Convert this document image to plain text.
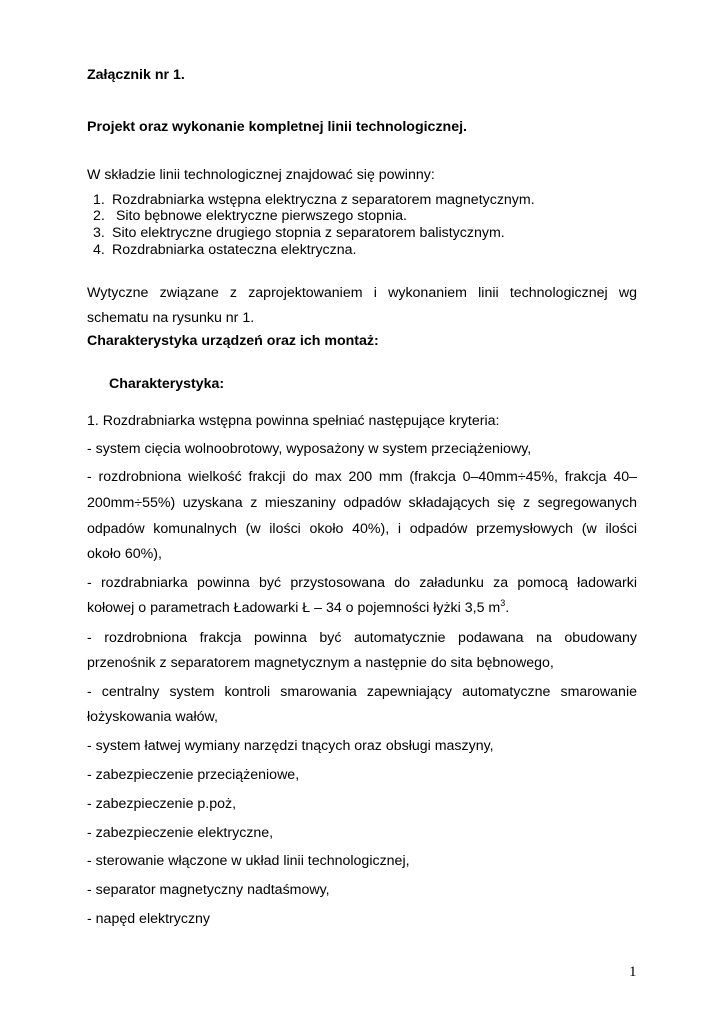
Załącznik nr 1.
Projekt oraz wykonanie kompletnej linii technologicznej.
W składzie linii technologicznej znajdować się powinny:
1. Rozdrabniarka wstępna elektryczna z separatorem magnetycznym.
2. Sito bębnowe elektryczne pierwszego stopnia.
3. Sito elektryczne drugiego stopnia z separatorem balistycznym.
4. Rozdrabniarka ostateczna elektryczna.
Wytyczne związane z zaprojektowaniem i wykonaniem linii technologicznej wg
schematu na rysunku nr 1.
Charakterystyka urządzeń oraz ich montaż:
Charakterystyka:
1. Rozdrabniarka wstępna powinna spełniać następujące kryteria:
- system cięcia wolnoobrotowy, wyposażony w system przeciążeniowy,
- rozdrobniona wielkość frakcji do max 200 mm (frakcja 0–40mm÷45%, frakcja 40–
200mm÷55%) uzyskana z mieszaniny odpadów składających się z segregowanych
odpadów komunalnych (w ilości około 40%), i odpadów przemysłowych (w ilości
około 60%),
- rozdrabniarka powinna być przystosowana do załadunku za pomocą ładowarki
kołowej o parametrach Ładowarki Ł – 34 o pojemności łyżki 3,5 $m^3$.
- rozdrobniona frakcja powinna być automatycznie podawana na obudowany
przenośnik z separatorem magnetycznym a następnie do sita bębnowego,
- centralny system kontroli smarowania zapewniający automatyczne smarowanie
łożyskowania wałów,
- system łatwej wymiany narzędzi tnących oraz obsługi maszyny,
- zabezpieczenie przeciążeniowe,
- zabezpieczenie p.poż,
- zabezpieczenie elektryczne,
- sterowanie włączone w układ linii technologicznej,
- separator magnetyczny nadtaśmowy,
- napęd elektryczny
1
